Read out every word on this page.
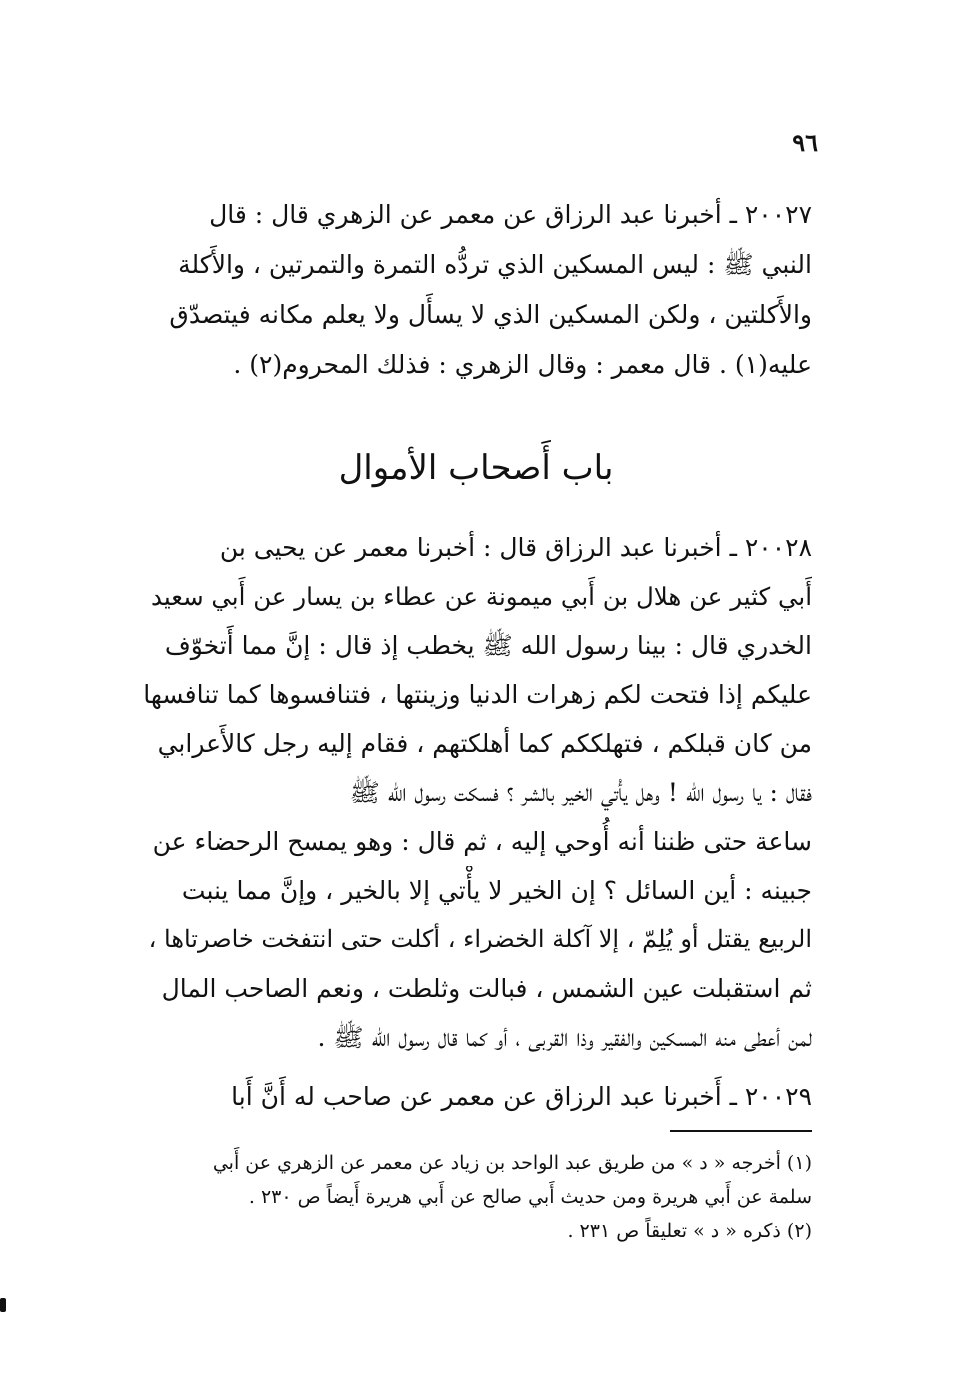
٩٦
٢٠٠٢٧ ـ أخبرنا عبد الرزاق عن معمر عن الزهري قال : قال
النبي ﷺ : ليس المسكين الذي تردُّه التمرة والتمرتين ، والأَكلة
والأَكلتين ، ولكن المسكين الذي لا يسأَل ولا يعلم مكانه فيتصدّق
عليه(١) . قال معمر : وقال الزهري : فذلك المحروم(٢) .
باب أَصحاب الأموال
٢٠٠٢٨ ـ أخبرنا عبد الرزاق قال : أخبرنا معمر عن يحيى بن
أَبي كثير عن هلال بن أَبي ميمونة عن عطاء بن يسار عن أَبي سعيد
الخدري قال : بينا رسول الله ﷺ يخطب إذ قال : إنَّ مما أَتخوّف
عليكم إذا فتحت لكم زهرات الدنيا وزينتها ، فتنافسوها كما تنافسها
من كان قبلكم ، فتهلككم كما أهلكتهم ، فقام إليه رجل كالأَعرابي
فقال : يا رسول الله ! وهل يأْتي الخير بالشر ؟ فسكت رسول الله ﷺ
ساعة حتى ظننا أنه أُوحي إليه ، ثم قال : وهو يمسح الرحضاء عن
جبينه : أين السائل ؟ إن الخير لا يأْتي إلا بالخير ، وإنَّ مما ينبت
الربيع يقتل أو يُلِمّ ، إلا آكلة الخضراء ، أكلت حتى انتفخت خاصرتاها ،
ثم استقبلت عين الشمس ، فبالت وثلطت ، ونعم الصاحب المال
لمن أعطى منه المسكين والفقير وذا القربى ، أو كما قال رسول الله ﷺ .
٢٠٠٢٩ ـ أَخبرنا عبد الرزاق عن معمر عن صاحب له أَنَّ أَبا
(١) أخرجه « د » من طريق عبد الواحد بن زياد عن معمر عن الزهري عن أَبي
سلمة عن أَبي هريرة ومن حديث أَبي صالح عن أَبي هريرة أَيضاً ص ٢٣٠ .
(٢) ذكره « د » تعليقاً ص ٢٣١ .
